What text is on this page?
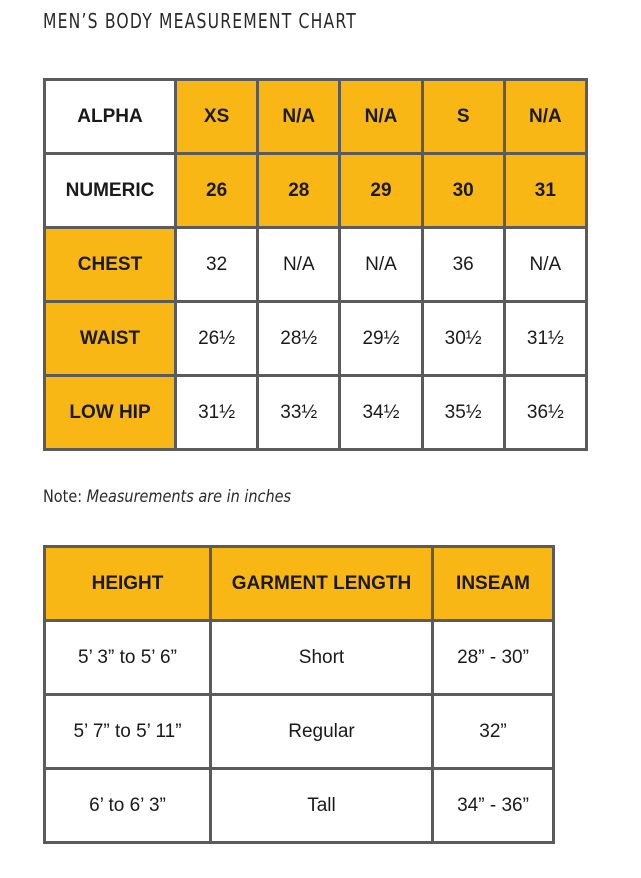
MEN’S BODY MEASUREMENT CHART
ALPHA	XS	N/A	N/A	S	N/A
NUMERIC	26	28	29	30	31
CHEST	32	N/A	N/A	36	N/A
WAIST	26½	28½	29½	30½	31½
LOW HIP	31½	33½	34½	35½	36½
Note: Measurements are in inches
HEIGHT	GARMENT LENGTH	INSEAM
5’ 3” to 5’ 6”	Short	28” - 30”
5’ 7” to 5’ 11”	Regular	32”
6’ to 6’ 3”	Tall	34” - 36”
